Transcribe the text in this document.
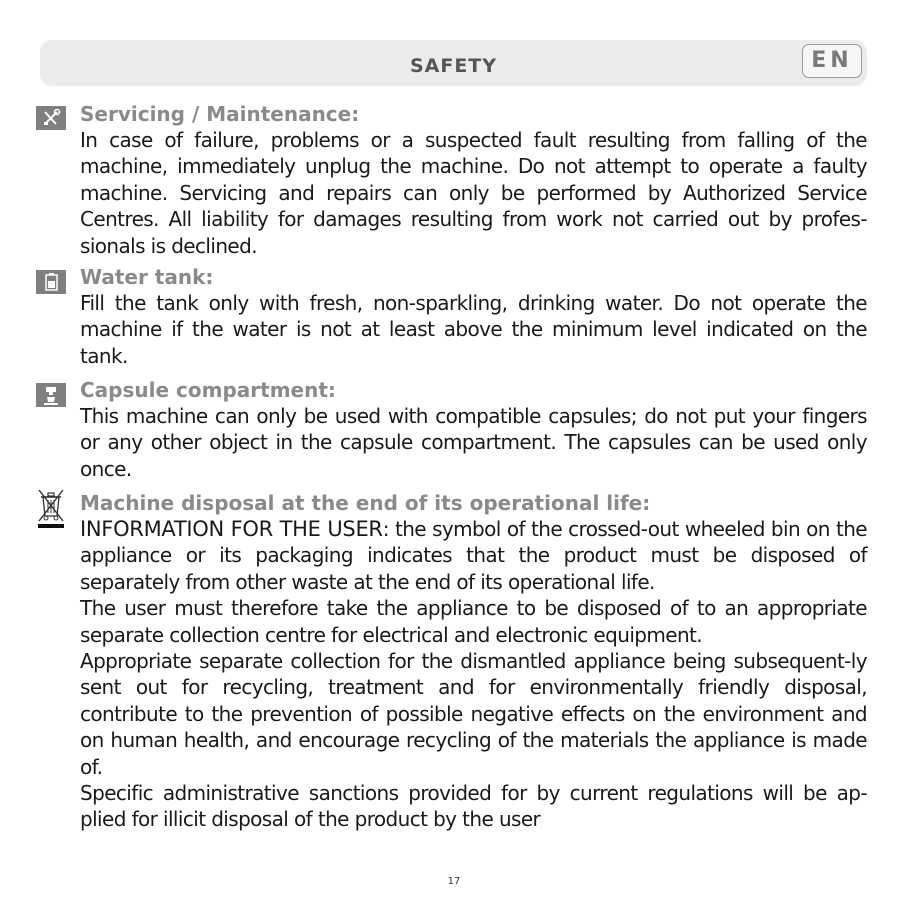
SAFETY	EN
Servicing / Maintenance:
In case of failure, problems or a suspected fault resulting from falling of the machine, immediately unplug the machine. Do not attempt to operate a faulty machine. Servicing and repairs can only be performed by Authorized Service Centres. All liability for damages resulting from work not carried out by profes-sionals is declined.
Water tank:
Fill the tank only with fresh, non-sparkling, drinking water. Do not operate the machine if the water is not at least above the minimum level indicated on the tank.
Capsule compartment:
This machine can only be used with compatible capsules; do not put your fingers or any other object in the capsule compartment. The capsules can be used only once.
Machine disposal at the end of its operational life:
INFORMATION FOR THE USER: the symbol of the crossed-out wheeled bin on the appliance or its packaging indicates that the product must be disposed of separately from other waste at the end of its operational life.
The user must therefore take the appliance to be disposed of to an appropriate separate collection centre for electrical and electronic equipment.
Appropriate separate collection for the dismantled appliance being subsequent-ly sent out for recycling, treatment and for environmentally friendly disposal, contribute to the prevention of possible negative effects on the environment and on human health, and encourage recycling of the materials the appliance is made of.
Specific administrative sanctions provided for by current regulations will be ap-plied for illicit disposal of the product by the user
17
